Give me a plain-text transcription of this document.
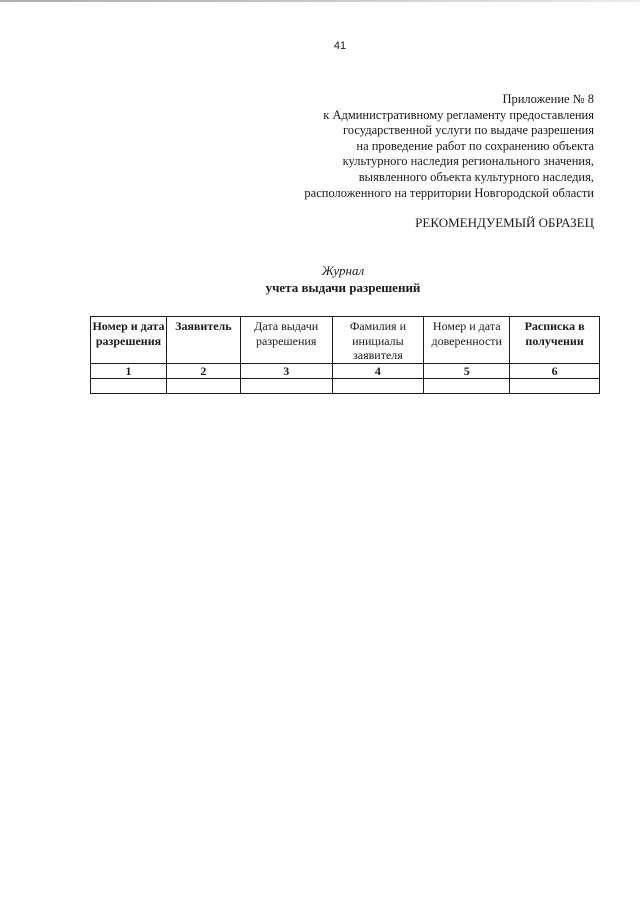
41
Приложение № 8
к Административному регламенту предоставления
государственной услуги по выдаче разрешения
на проведение работ по сохранению объекта
культурного наследия регионального значения,
выявленного объекта культурного наследия,
расположенного на территории Новгородской области
РЕКОМЕНДУЕМЫЙ ОБРАЗЕЦ
Журнал
учета выдачи разрешений
Номер и дата разрешения	Заявитель	Дата выдачи разрешения	Фамилия и инициалы заявителя	Номер и дата доверенности	Расписка в получении
1	2	3	4	5	6
